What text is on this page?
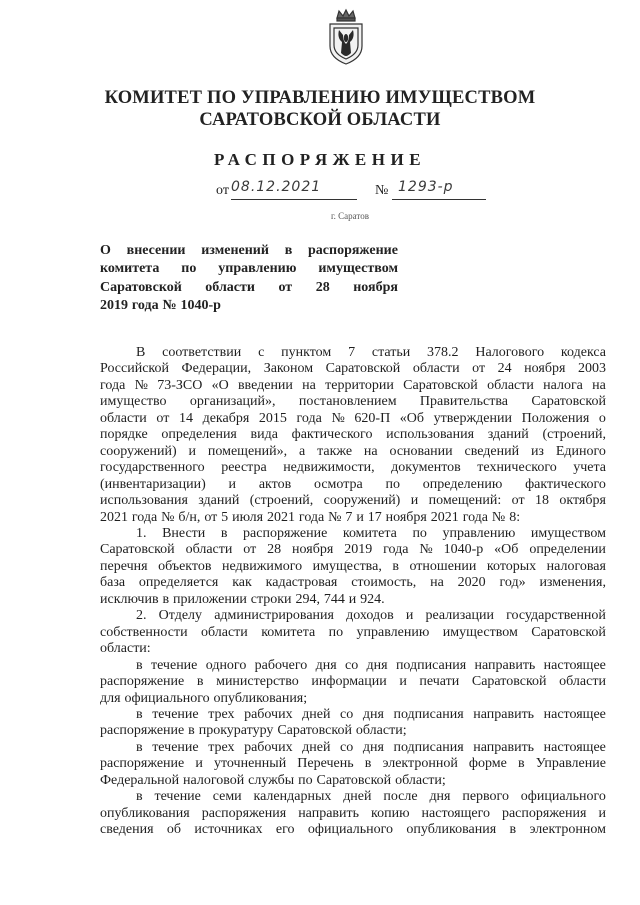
КОМИТЕТ ПО УПРАВЛЕНИЮ ИМУЩЕСТВОМ
САРАТОВСКОЙ ОБЛАСТИ
РАСПОРЯЖЕНИЕ
от 08.12.2021	№ 1293-р
г. Саратов
О внесении изменений в распоряжение
комитета по управлению имуществом
Саратовской области от 28 ноября
2019 года № 1040-р
В соответствии с пунктом 7 статьи 378.2 Налогового кодекса
Российской Федерации, Законом Саратовской области от 24 ноября 2003
года № 73-ЗСО «О введении на территории Саратовской области налога на
имущество организаций», постановлением Правительства Саратовской
области от 14 декабря 2015 года № 620-П «Об утверждении Положения о
порядке определения вида фактического использования зданий (строений,
сооружений) и помещений», а также на основании сведений из Единого
государственного реестра недвижимости, документов технического учета
(инвентаризации) и актов осмотра по определению фактического
использования зданий (строений, сооружений) и помещений: от 18 октября
2021 года № б/н, от 5 июля 2021 года № 7 и 17 ноября 2021 года № 8:
1. Внести в распоряжение комитета по управлению имуществом
Саратовской области от 28 ноября 2019 года № 1040-р «Об определении
перечня объектов недвижимого имущества, в отношении которых налоговая
база определяется как кадастровая стоимость, на 2020 год» изменения,
исключив в приложении строки 294, 744 и 924.
2. Отделу администрирования доходов и реализации государственной
собственности области комитета по управлению имуществом Саратовской
области:
в течение одного рабочего дня со дня подписания направить настоящее
распоряжение в министерство информации и печати Саратовской области
для официального опубликования;
в течение трех рабочих дней со дня подписания направить настоящее
распоряжение в прокуратуру Саратовской области;
в течение трех рабочих дней со дня подписания направить настоящее
распоряжение и уточненный Перечень в электронной форме в Управление
Федеральной налоговой службы по Саратовской области;
в течение семи календарных дней после дня первого официального
опубликования распоряжения направить копию настоящего распоряжения и
сведения об источниках его официального опубликования в электронном
